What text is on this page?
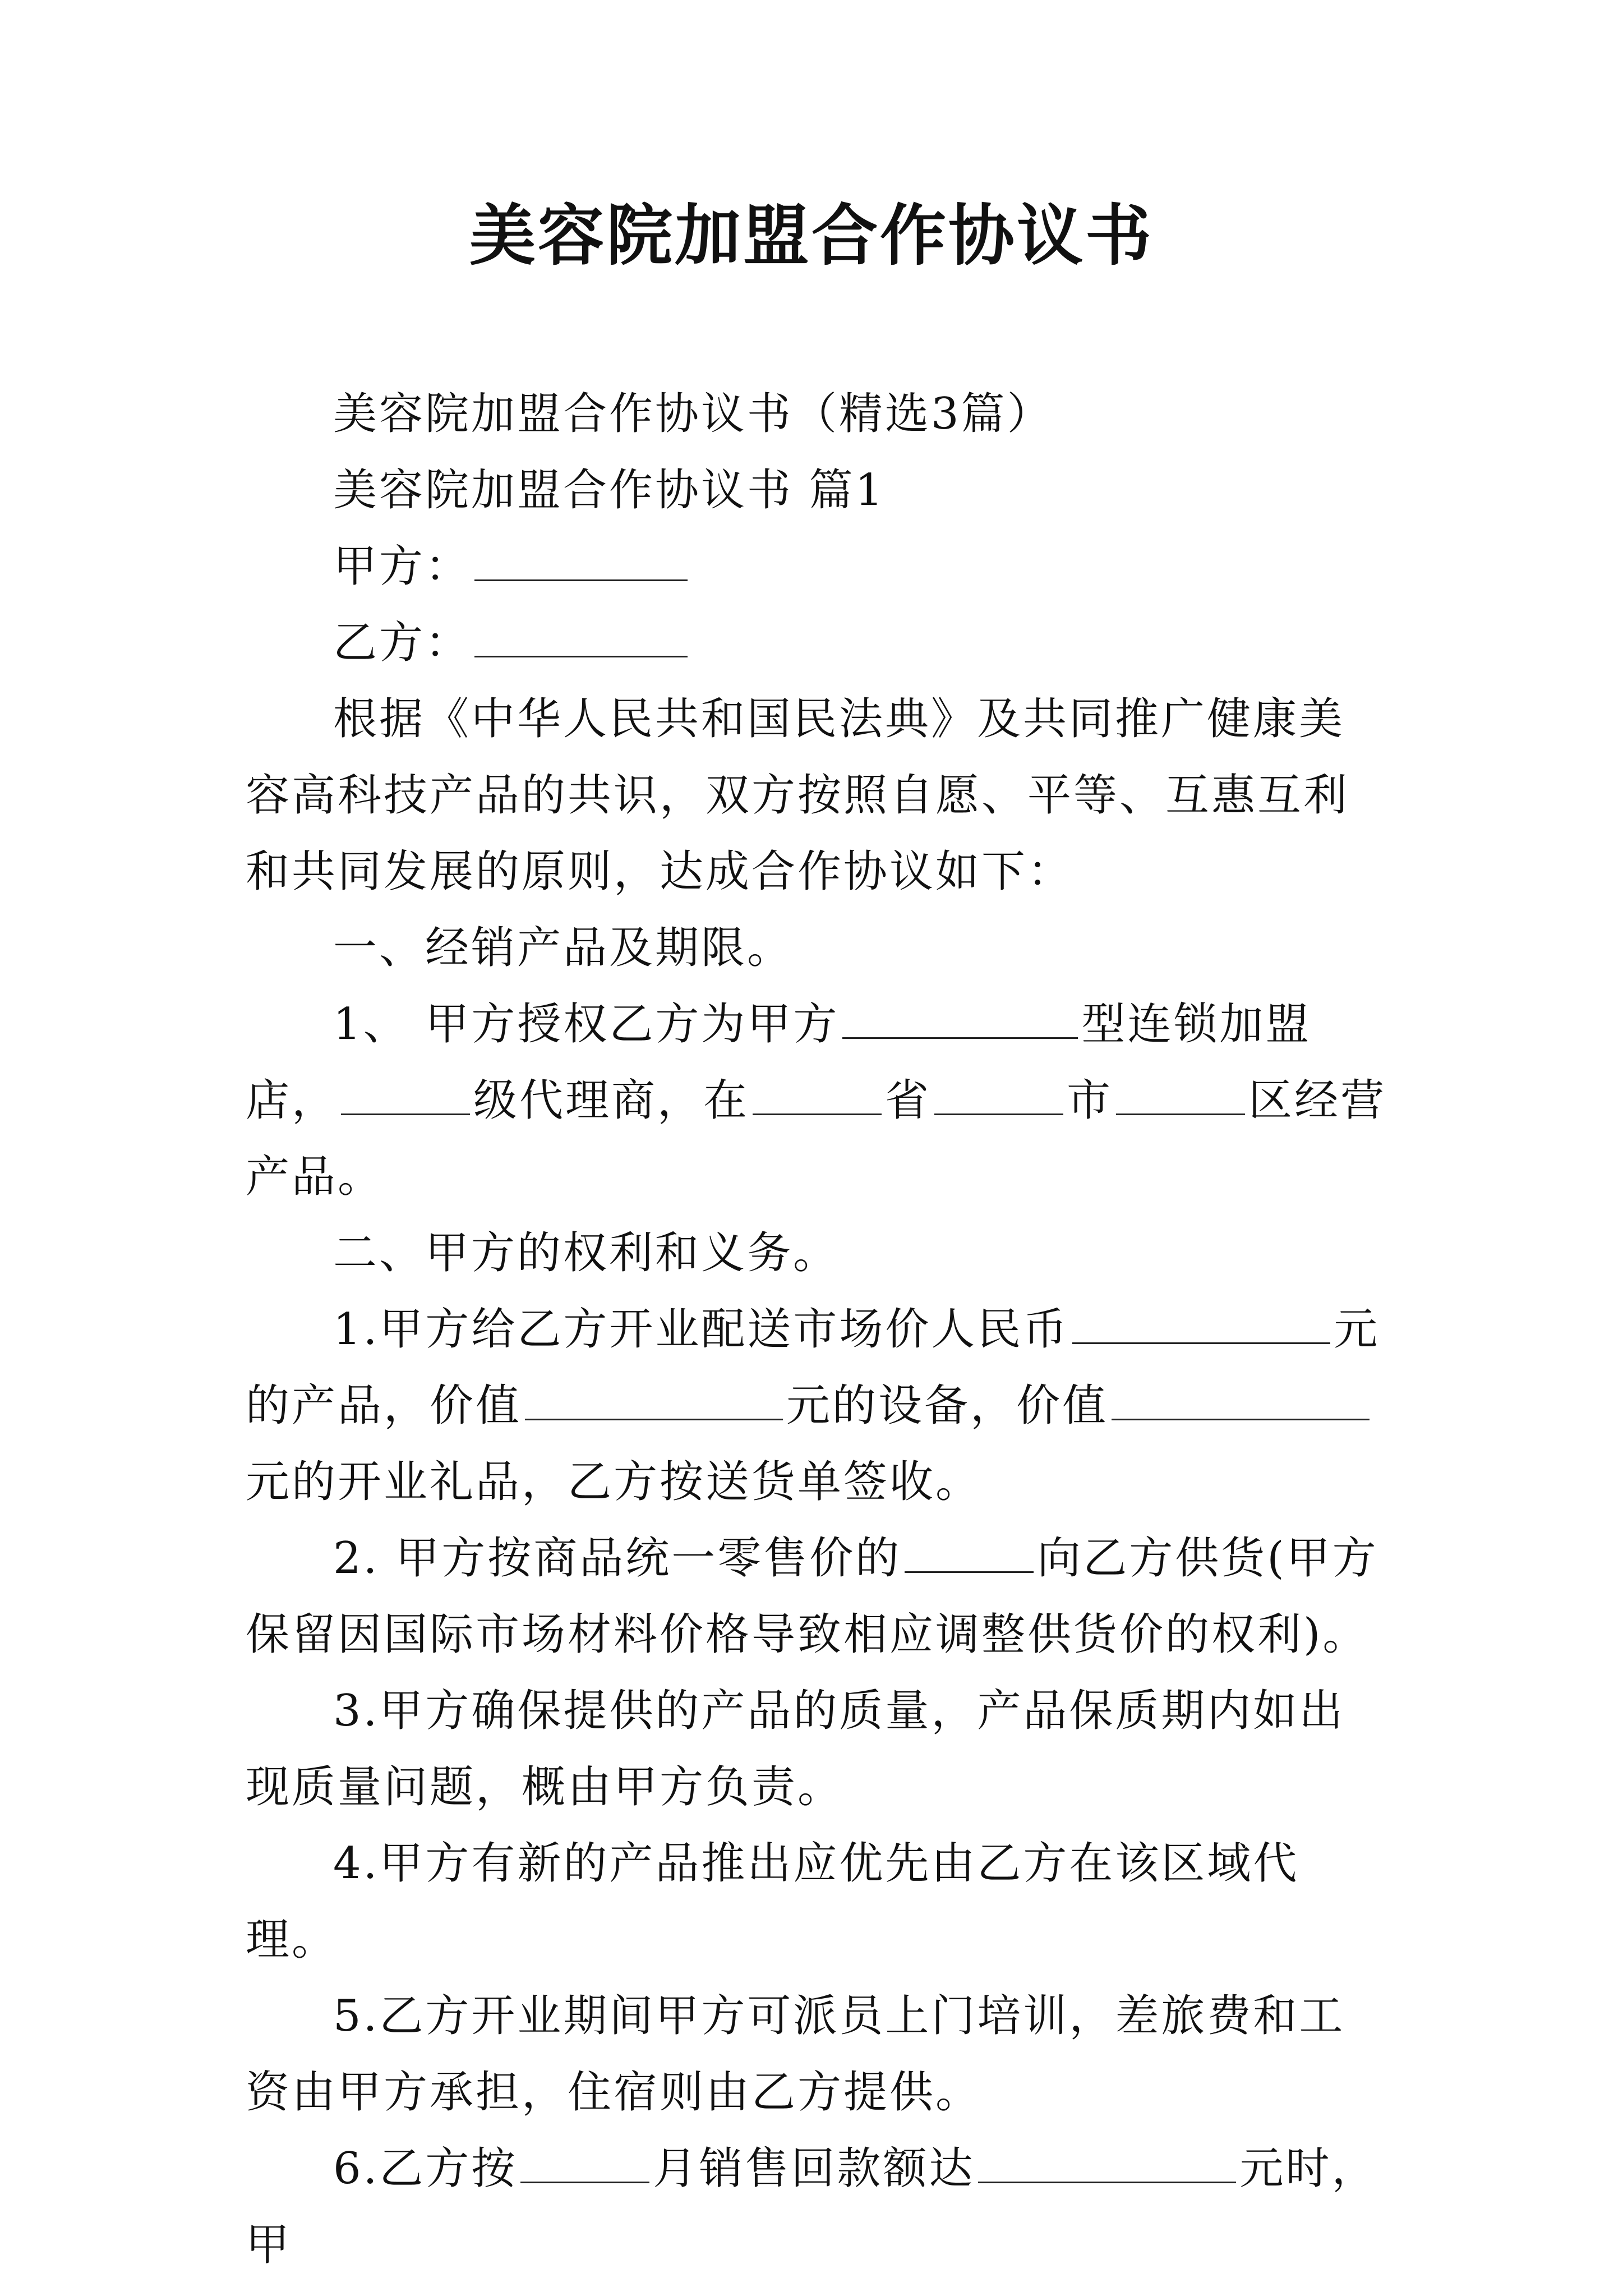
美容院加盟合作协议书

美容院加盟合作协议书（精选3篇）

美容院加盟合作协议书 篇1

甲方：

乙方：

根据《中华人民共和国民法典》及共同推广健康美容高科技产品的共识，双方按照自愿、平等、互惠互利和共同发展的原则，达成合作协议如下：

一、经销产品及期限。

1、 甲方授权乙方为甲方	型连锁加盟店，	级代理商，在	省	市	区经营 产品。

二、甲方的权利和义务。

1.甲方给乙方开业配送市场价人民币	元的产品，价值	元的设备，价值元的开业礼品，乙方按送货单签收。

2. 甲方按商品统一零售价的	向乙方供货(甲方保留因国际市场材料价格导致相应调整供货价的权利)。

3.甲方确保提供的产品的质量，产品保质期内如出现质量问题，概由甲方负责。

4.甲方有新的产品推出应优先由乙方在该区域代理。

5.乙方开业期间甲方可派员上门培训，差旅费和工资由甲方承担，住宿则由乙方提供。

6.乙方按	月销售回款额达	元时，甲
